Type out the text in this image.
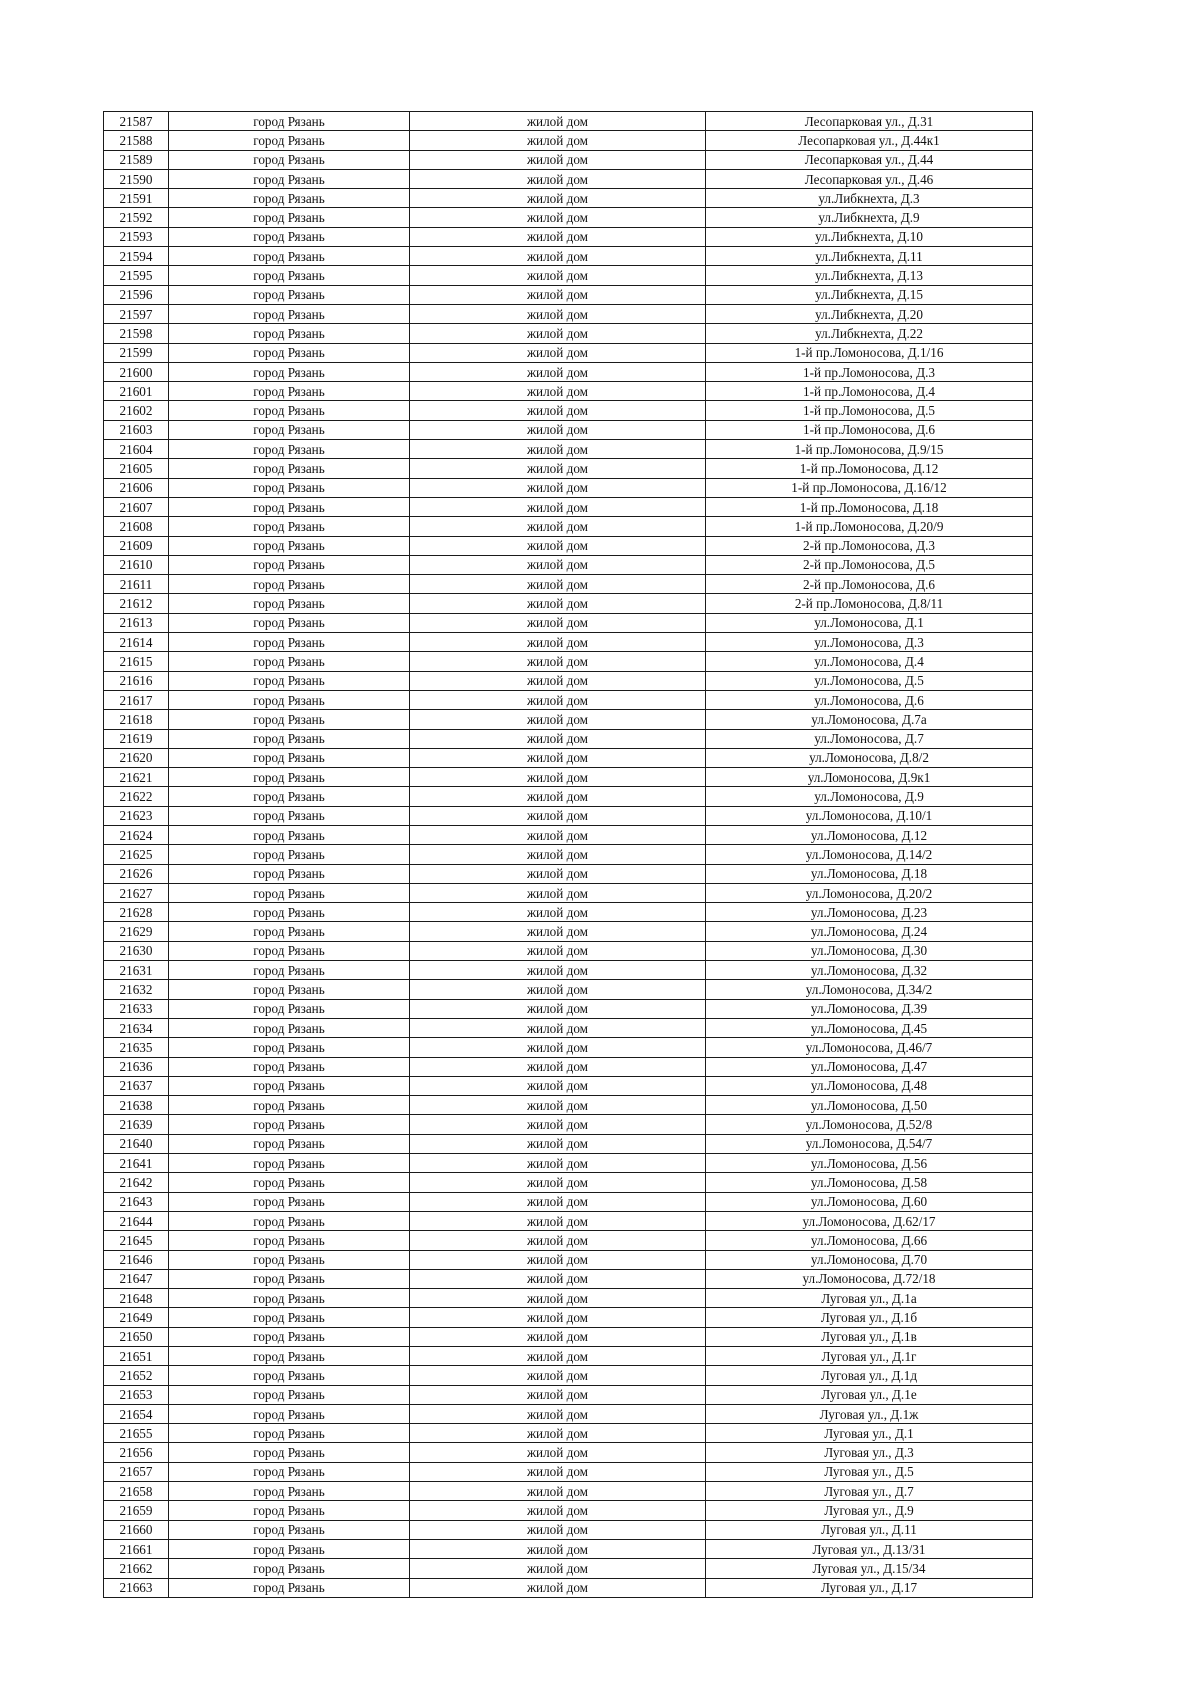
21587	город Рязань	жилой дом	Лесопарковая ул., Д.31
21588	город Рязань	жилой дом	Лесопарковая ул., Д.44к1
21589	город Рязань	жилой дом	Лесопарковая ул., Д.44
21590	город Рязань	жилой дом	Лесопарковая ул., Д.46
21591	город Рязань	жилой дом	ул.Либкнехта, Д.3
21592	город Рязань	жилой дом	ул.Либкнехта, Д.9
21593	город Рязань	жилой дом	ул.Либкнехта, Д.10
21594	город Рязань	жилой дом	ул.Либкнехта, Д.11
21595	город Рязань	жилой дом	ул.Либкнехта, Д.13
21596	город Рязань	жилой дом	ул.Либкнехта, Д.15
21597	город Рязань	жилой дом	ул.Либкнехта, Д.20
21598	город Рязань	жилой дом	ул.Либкнехта, Д.22
21599	город Рязань	жилой дом	1-й пр.Ломоносова, Д.1/16
21600	город Рязань	жилой дом	1-й пр.Ломоносова, Д.3
21601	город Рязань	жилой дом	1-й пр.Ломоносова, Д.4
21602	город Рязань	жилой дом	1-й пр.Ломоносова, Д.5
21603	город Рязань	жилой дом	1-й пр.Ломоносова, Д.6
21604	город Рязань	жилой дом	1-й пр.Ломоносова, Д.9/15
21605	город Рязань	жилой дом	1-й пр.Ломоносова, Д.12
21606	город Рязань	жилой дом	1-й пр.Ломоносова, Д.16/12
21607	город Рязань	жилой дом	1-й пр.Ломоносова, Д.18
21608	город Рязань	жилой дом	1-й пр.Ломоносова, Д.20/9
21609	город Рязань	жилой дом	2-й пр.Ломоносова, Д.3
21610	город Рязань	жилой дом	2-й пр.Ломоносова, Д.5
21611	город Рязань	жилой дом	2-й пр.Ломоносова, Д.6
21612	город Рязань	жилой дом	2-й пр.Ломоносова, Д.8/11
21613	город Рязань	жилой дом	ул.Ломоносова, Д.1
21614	город Рязань	жилой дом	ул.Ломоносова, Д.3
21615	город Рязань	жилой дом	ул.Ломоносова, Д.4
21616	город Рязань	жилой дом	ул.Ломоносова, Д.5
21617	город Рязань	жилой дом	ул.Ломоносова, Д.6
21618	город Рязань	жилой дом	ул.Ломоносова, Д.7а
21619	город Рязань	жилой дом	ул.Ломоносова, Д.7
21620	город Рязань	жилой дом	ул.Ломоносова, Д.8/2
21621	город Рязань	жилой дом	ул.Ломоносова, Д.9к1
21622	город Рязань	жилой дом	ул.Ломоносова, Д.9
21623	город Рязань	жилой дом	ул.Ломоносова, Д.10/1
21624	город Рязань	жилой дом	ул.Ломоносова, Д.12
21625	город Рязань	жилой дом	ул.Ломоносова, Д.14/2
21626	город Рязань	жилой дом	ул.Ломоносова, Д.18
21627	город Рязань	жилой дом	ул.Ломоносова, Д.20/2
21628	город Рязань	жилой дом	ул.Ломоносова, Д.23
21629	город Рязань	жилой дом	ул.Ломоносова, Д.24
21630	город Рязань	жилой дом	ул.Ломоносова, Д.30
21631	город Рязань	жилой дом	ул.Ломоносова, Д.32
21632	город Рязань	жилой дом	ул.Ломоносова, Д.34/2
21633	город Рязань	жилой дом	ул.Ломоносова, Д.39
21634	город Рязань	жилой дом	ул.Ломоносова, Д.45
21635	город Рязань	жилой дом	ул.Ломоносова, Д.46/7
21636	город Рязань	жилой дом	ул.Ломоносова, Д.47
21637	город Рязань	жилой дом	ул.Ломоносова, Д.48
21638	город Рязань	жилой дом	ул.Ломоносова, Д.50
21639	город Рязань	жилой дом	ул.Ломоносова, Д.52/8
21640	город Рязань	жилой дом	ул.Ломоносова, Д.54/7
21641	город Рязань	жилой дом	ул.Ломоносова, Д.56
21642	город Рязань	жилой дом	ул.Ломоносова, Д.58
21643	город Рязань	жилой дом	ул.Ломоносова, Д.60
21644	город Рязань	жилой дом	ул.Ломоносова, Д.62/17
21645	город Рязань	жилой дом	ул.Ломоносова, Д.66
21646	город Рязань	жилой дом	ул.Ломоносова, Д.70
21647	город Рязань	жилой дом	ул.Ломоносова, Д.72/18
21648	город Рязань	жилой дом	Луговая ул., Д.1а
21649	город Рязань	жилой дом	Луговая ул., Д.1б
21650	город Рязань	жилой дом	Луговая ул., Д.1в
21651	город Рязань	жилой дом	Луговая ул., Д.1г
21652	город Рязань	жилой дом	Луговая ул., Д.1д
21653	город Рязань	жилой дом	Луговая ул., Д.1е
21654	город Рязань	жилой дом	Луговая ул., Д.1ж
21655	город Рязань	жилой дом	Луговая ул., Д.1
21656	город Рязань	жилой дом	Луговая ул., Д.3
21657	город Рязань	жилой дом	Луговая ул., Д.5
21658	город Рязань	жилой дом	Луговая ул., Д.7
21659	город Рязань	жилой дом	Луговая ул., Д.9
21660	город Рязань	жилой дом	Луговая ул., Д.11
21661	город Рязань	жилой дом	Луговая ул., Д.13/31
21662	город Рязань	жилой дом	Луговая ул., Д.15/34
21663	город Рязань	жилой дом	Луговая ул., Д.17
